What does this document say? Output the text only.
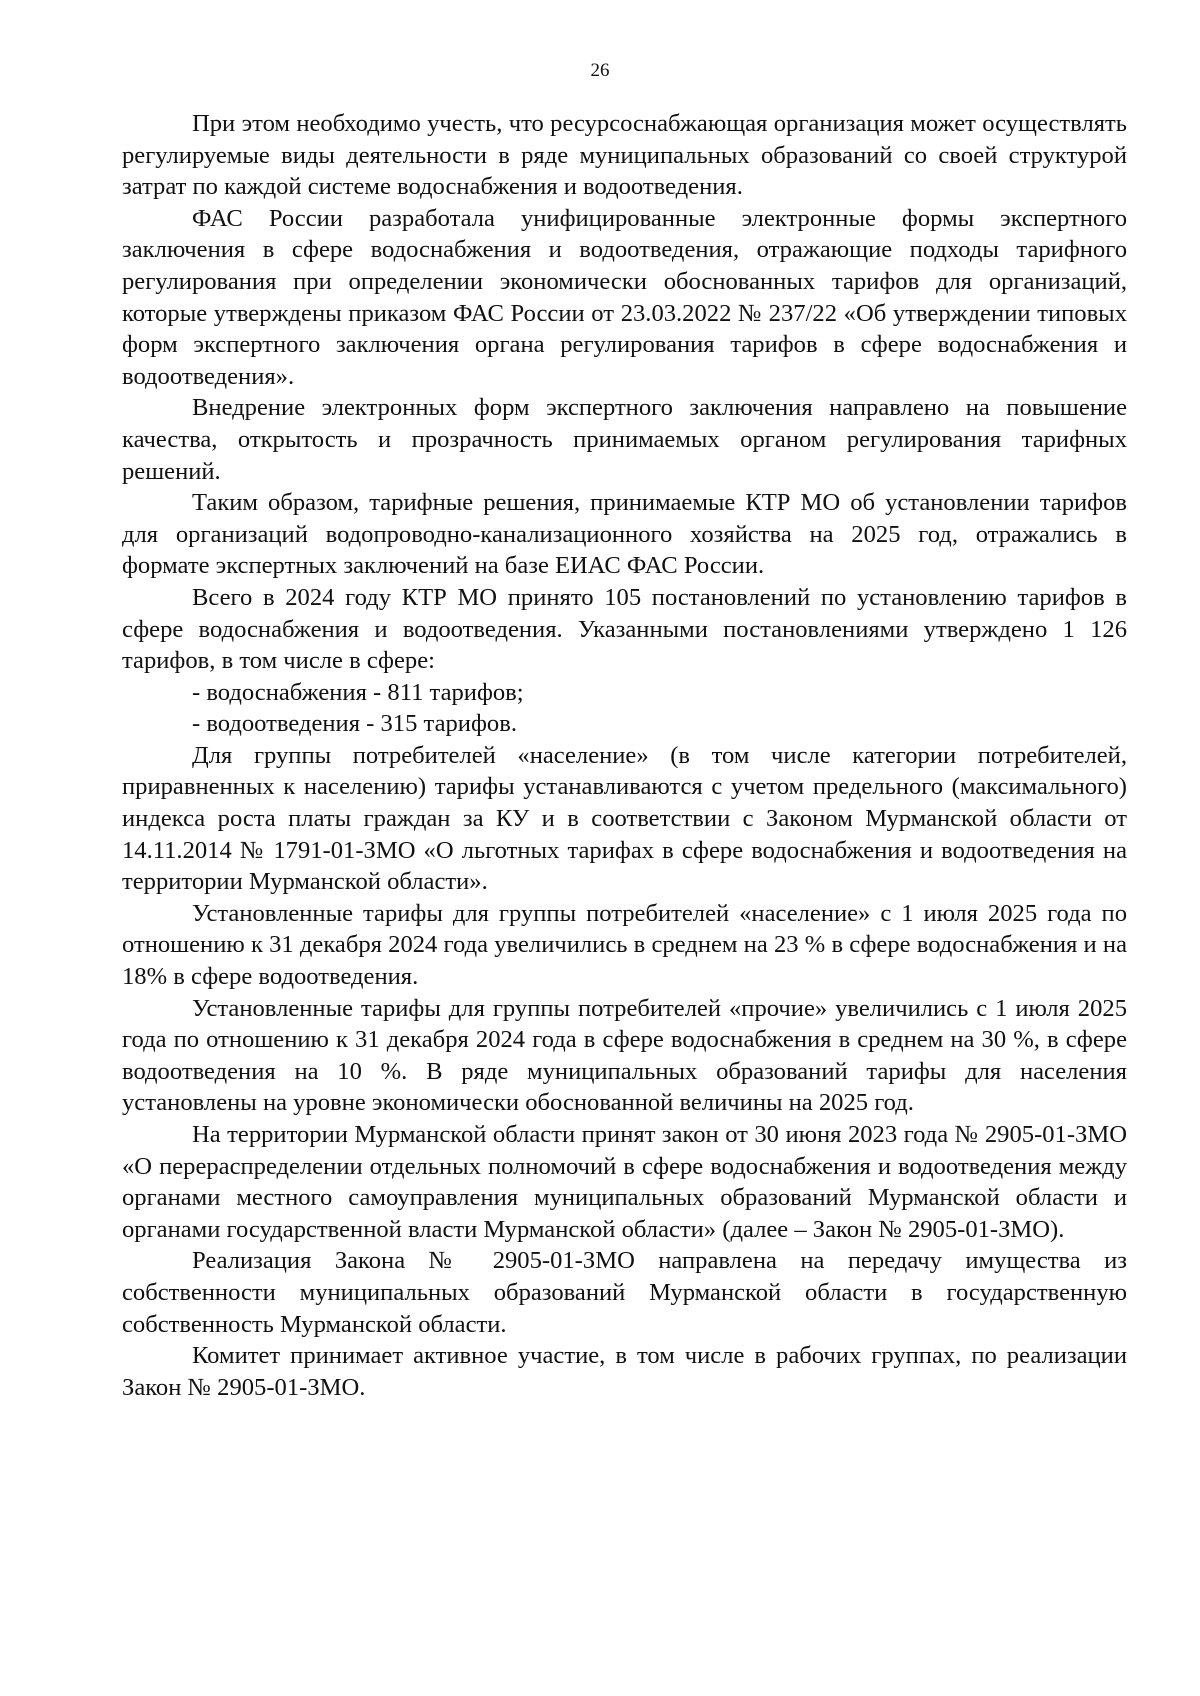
26

При этом необходимо учесть, что ресурсоснабжающая организация может осуществлять регулируемые виды деятельности в ряде муниципальных образований со своей структурой затрат по каждой системе водоснабжения и водоотведения.

ФАС России разработала унифицированные электронные формы экспертного заключения в сфере водоснабжения и водоотведения, отражающие подходы тарифного регулирования при определении экономически обоснованных тарифов для организаций, которые утверждены приказом ФАС России от 23.03.2022 № 237/22 «Об утверждении типовых форм экспертного заключения органа регулирования тарифов в сфере водоснабжения и водоотведения».

Внедрение электронных форм экспертного заключения направлено на повышение качества, открытость и прозрачность принимаемых органом регулирования тарифных решений.

Таким образом, тарифные решения, принимаемые КТР МО об установлении тарифов для организаций водопроводно-канализационного хозяйства на 2025 год, отражались в формате экспертных заключений на базе ЕИАС ФАС России.

Всего в 2024 году КТР МО принято 105 постановлений по установлению тарифов в сфере водоснабжения и водоотведения. Указанными постановлениями утверждено 1 126 тарифов, в том числе в сфере:

- водоснабжения - 811 тарифов;

- водоотведения - 315 тарифов.

Для группы потребителей «население» (в том числе категории потребителей, приравненных к населению) тарифы устанавливаются с учетом предельного (максимального) индекса роста платы граждан за КУ и в соответствии с Законом Мурманской области от 14.11.2014 № 1791-01-ЗМО «О льготных тарифах в сфере водоснабжения и водоотведения на территории Мурманской области».

Установленные тарифы для группы потребителей «население» с 1 июля 2025 года по отношению к 31 декабря 2024 года увеличились в среднем на 23 % в сфере водоснабжения и на 18% в сфере водоотведения.

Установленные тарифы для группы потребителей «прочие» увеличились с 1 июля 2025 года по отношению к 31 декабря 2024 года в сфере водоснабжения в среднем на 30 %, в сфере водоотведения на 10 %. В ряде муниципальных образований тарифы для населения установлены на уровне экономически обоснованной величины на 2025 год.

На территории Мурманской области принят закон от 30 июня 2023 года № 2905-01-ЗМО «О перераспределении отдельных полномочий в сфере водоснабжения и водоотведения между органами местного самоуправления муниципальных образований Мурманской области и органами государственной власти Мурманской области» (далее – Закон № 2905-01-ЗМО).

Реализация Закона № 2905-01-ЗМО направлена на передачу имущества из собственности муниципальных образований Мурманской области в государственную собственность Мурманской области.

Комитет принимает активное участие, в том числе в рабочих группах, по реализации Закон № 2905-01-ЗМО.
